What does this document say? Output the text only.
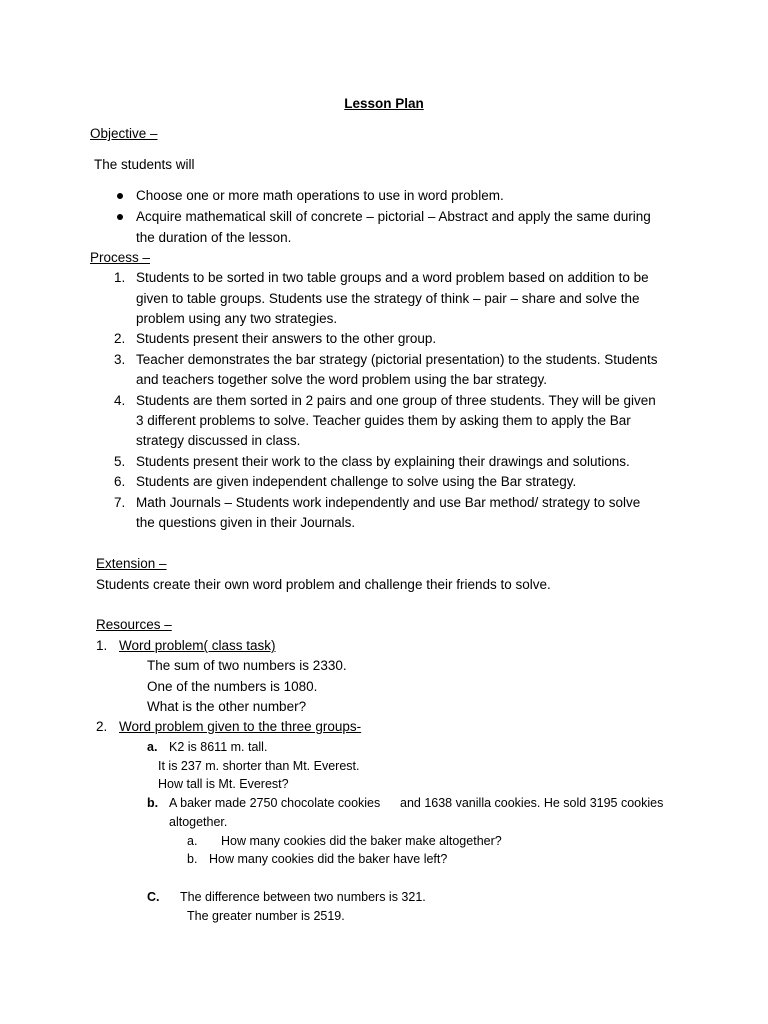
Lesson Plan

Objective –

The students will

Choose one or more math operations to use in word problem.

Acquire mathematical skill of concrete – pictorial – Abstract and apply the same during

the duration of the lesson.

Process –

1. Students to be sorted in two table groups and a word problem based on addition to be

given to table groups. Students use the strategy of think – pair – share and solve the

problem using any two strategies.

2. Students present their answers to the other group.

3. Teacher demonstrates the bar strategy (pictorial presentation) to the students. Students

and teachers together solve the word problem using the bar strategy.

4. Students are them sorted in 2 pairs and one group of three students. They will be given

3 different problems to solve. Teacher guides them by asking them to apply the Bar

strategy discussed in class.

5. Students present their work to the class by explaining their drawings and solutions.

6. Students are given independent challenge to solve using the Bar strategy.

7. Math Journals – Students work independently and use Bar method/ strategy to solve

the questions given in their Journals.

Extension –

Students create their own word problem and challenge their friends to solve.

Resources –

1. Word problem( class task)

The sum of two numbers is 2330.

One of the numbers is 1080.

What is the other number?

2. Word problem given to the three groups-

a. K2 is 8611 m. tall.

It is 237 m. shorter than Mt. Everest.

How tall is Mt. Everest?

b. A baker made 2750 chocolate cookies and 1638 vanilla cookies. He sold 3195 cookies

altogether.

a. How many cookies did the baker make altogether?

b. How many cookies did the baker have left?

C. The difference between two numbers is 321.

The greater number is 2519.
